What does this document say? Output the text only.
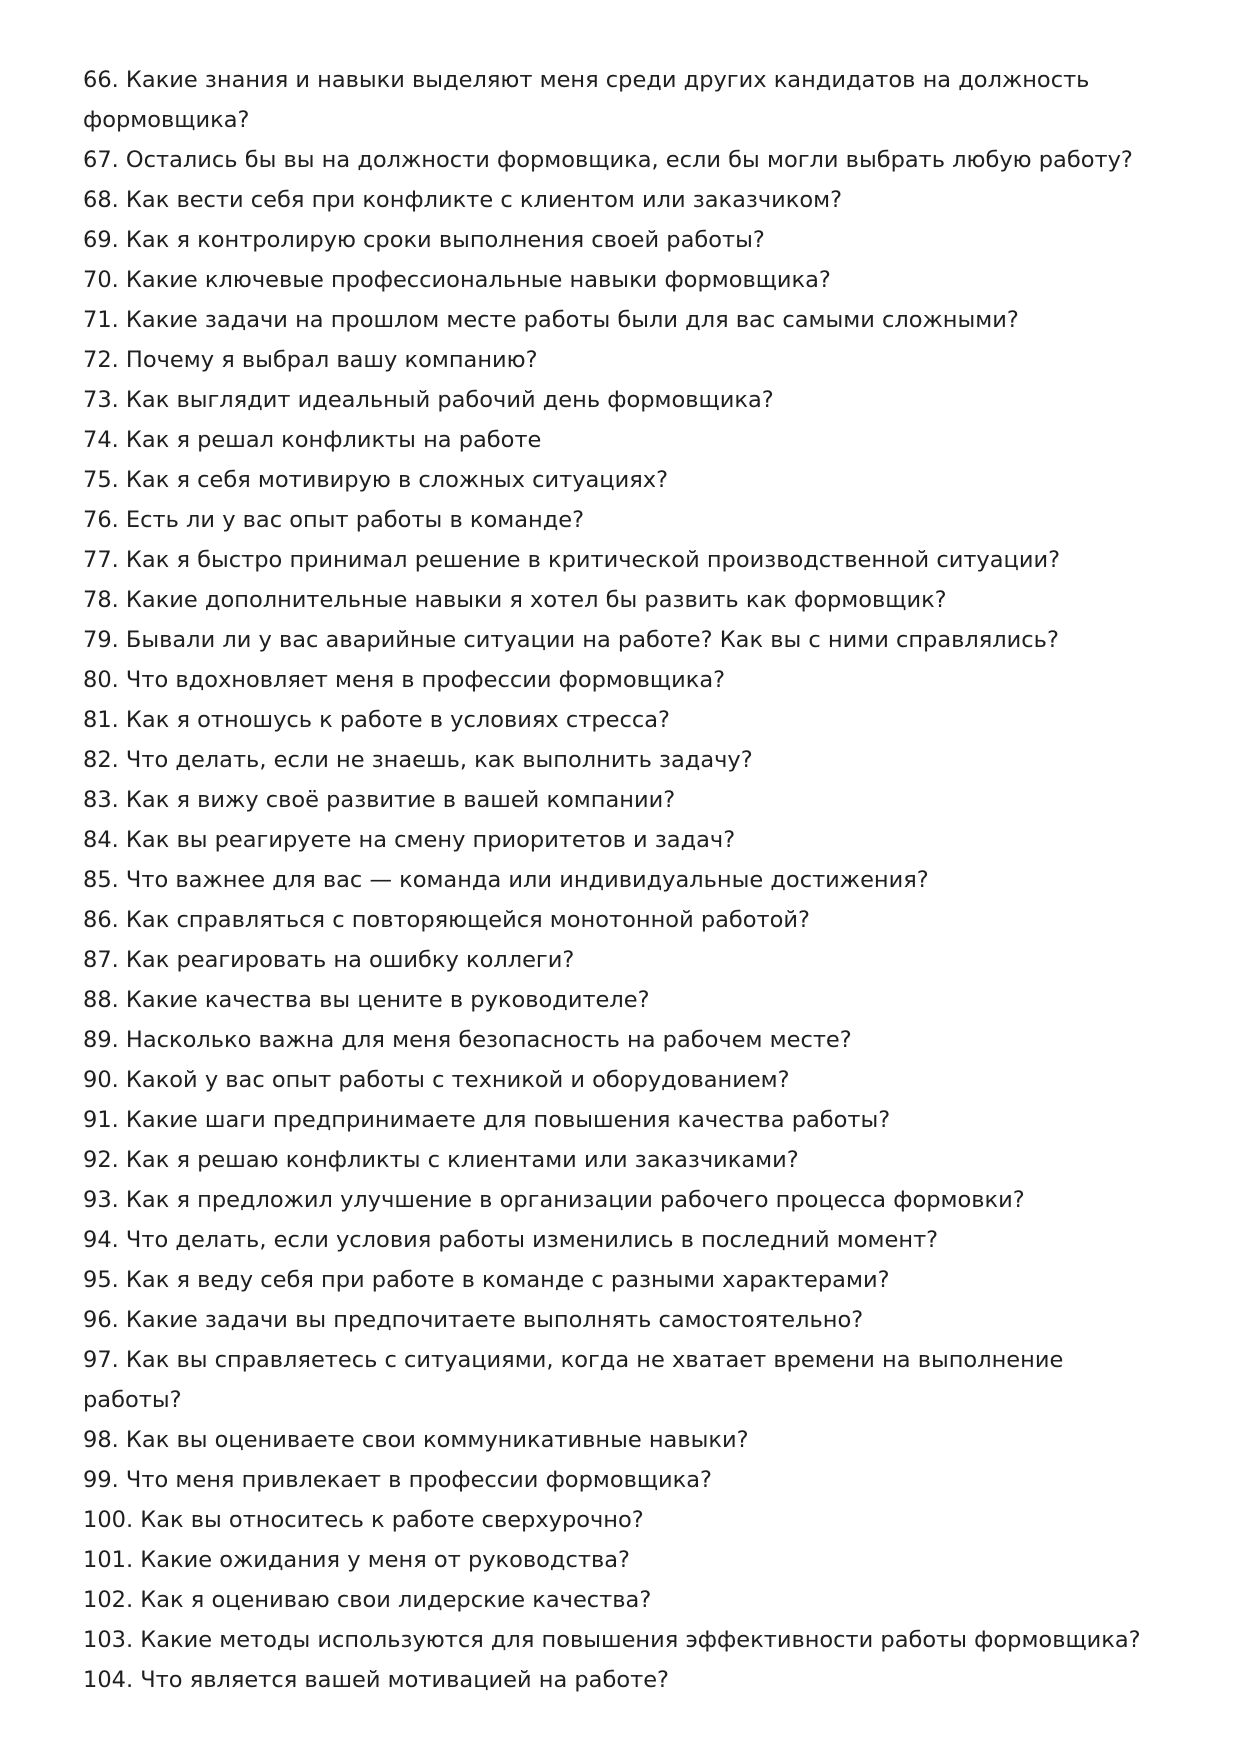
66. Какие знания и навыки выделяют меня среди других кандидатов на должность формовщика?
67. Остались бы вы на должности формовщика, если бы могли выбрать любую работу?
68. Как вести себя при конфликте с клиентом или заказчиком?
69. Как я контролирую сроки выполнения своей работы?
70. Какие ключевые профессиональные навыки формовщика?
71. Какие задачи на прошлом месте работы были для вас самыми сложными?
72. Почему я выбрал вашу компанию?
73. Как выглядит идеальный рабочий день формовщика?
74. Как я решал конфликты на работе
75. Как я себя мотивирую в сложных ситуациях?
76. Есть ли у вас опыт работы в команде?
77. Как я быстро принимал решение в критической производственной ситуации?
78. Какие дополнительные навыки я хотел бы развить как формовщик?
79. Бывали ли у вас аварийные ситуации на работе? Как вы с ними справлялись?
80. Что вдохновляет меня в профессии формовщика?
81. Как я отношусь к работе в условиях стресса?
82. Что делать, если не знаешь, как выполнить задачу?
83. Как я вижу своё развитие в вашей компании?
84. Как вы реагируете на смену приоритетов и задач?
85. Что важнее для вас — команда или индивидуальные достижения?
86. Как справляться с повторяющейся монотонной работой?
87. Как реагировать на ошибку коллеги?
88. Какие качества вы цените в руководителе?
89. Насколько важна для меня безопасность на рабочем месте?
90. Какой у вас опыт работы с техникой и оборудованием?
91. Какие шаги предпринимаете для повышения качества работы?
92. Как я решаю конфликты с клиентами или заказчиками?
93. Как я предложил улучшение в организации рабочего процесса формовки?
94. Что делать, если условия работы изменились в последний момент?
95. Как я веду себя при работе в команде с разными характерами?
96. Какие задачи вы предпочитаете выполнять самостоятельно?
97. Как вы справляетесь с ситуациями, когда не хватает времени на выполнение работы?
98. Как вы оцениваете свои коммуникативные навыки?
99. Что меня привлекает в профессии формовщика?
100. Как вы относитесь к работе сверхурочно?
101. Какие ожидания у меня от руководства?
102. Как я оцениваю свои лидерские качества?
103. Какие методы используются для повышения эффективности работы формовщика?
104. Что является вашей мотивацией на работе?
